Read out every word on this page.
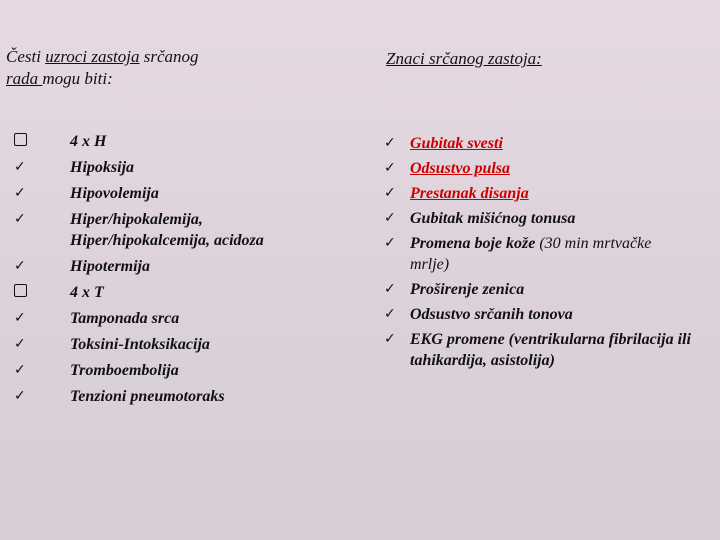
Česti uzroci zastoja srčanog
rada mogu biti:
Znaci srčanog zastoja:
4 x H
✓	Hipoksija
✓	Hipovolemija
✓	Hiper/hipokalemija,
Hiper/hipokalcemija, acidoza
✓	Hipotermija
4 x T
✓	Tamponada srca
✓	Toksini-Intoksikacija
✓	Tromboembolija
✓	Tenzioni pneumotoraks
✓ Gubitak svesti
✓ Odsustvo pulsa
✓ Prestanak disanja
✓ Gubitak mišićnog tonusa
✓ Promena boje kože (30 min mrtvačke mrlje)
✓ Proširenje zenica
✓ Odsustvo srčanih tonova
✓ EKG promene (ventrikularna fibrilacija ili tahikardija, asistolija)
